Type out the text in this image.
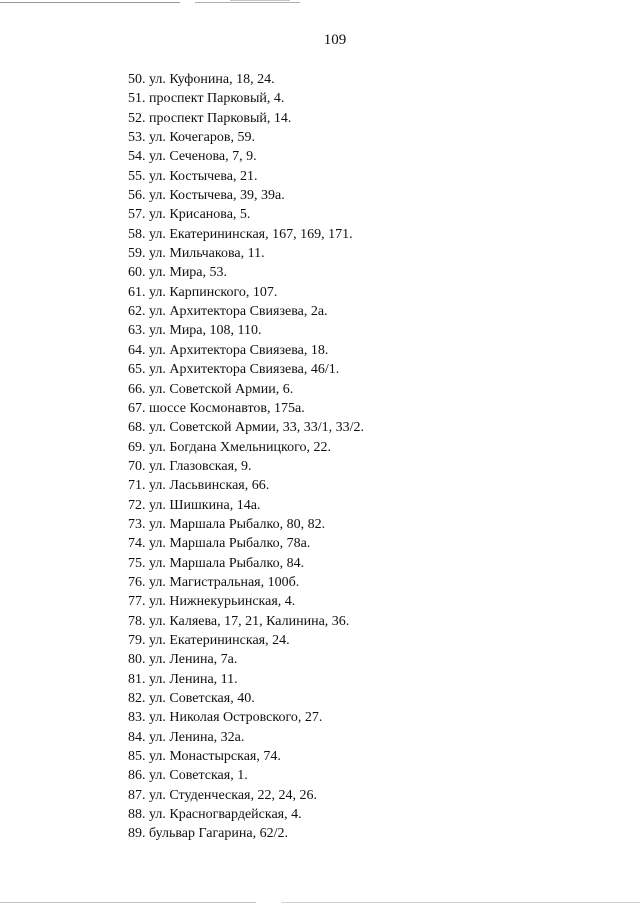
109
50. ул. Куфонина, 18, 24.
51. проспект Парковый, 4.
52. проспект Парковый, 14.
53. ул. Кочегаров, 59.
54. ул. Сеченова, 7, 9.
55. ул. Костычева, 21.
56. ул. Костычева, 39, 39а.
57. ул. Крисанова, 5.
58. ул. Екатерининская, 167, 169, 171.
59. ул. Мильчакова, 11.
60. ул. Мира, 53.
61. ул. Карпинского, 107.
62. ул. Архитектора Свиязева, 2а.
63. ул. Мира, 108, 110.
64. ул. Архитектора Свиязева, 18.
65. ул. Архитектора Свиязева, 46/1.
66. ул. Советской Армии, 6.
67. шоссе Космонавтов, 175а.
68. ул. Советской Армии, 33, 33/1, 33/2.
69. ул. Богдана Хмельницкого, 22.
70. ул. Глазовская, 9.
71. ул. Ласьвинская, 66.
72. ул. Шишкина, 14а.
73. ул. Маршала Рыбалко, 80, 82.
74. ул. Маршала Рыбалко, 78а.
75. ул. Маршала Рыбалко, 84.
76. ул. Магистральная, 100б.
77. ул. Нижнекурьинская, 4.
78. ул. Каляева, 17, 21, Калинина, 36.
79. ул. Екатерининская, 24.
80. ул. Ленина, 7а.
81. ул. Ленина, 11.
82. ул. Советская, 40.
83. ул. Николая Островского, 27.
84. ул. Ленина, 32а.
85. ул. Монастырская, 74.
86. ул. Советская, 1.
87. ул. Студенческая, 22, 24, 26.
88. ул. Красногвардейская, 4.
89. бульвар Гагарина, 62/2.
